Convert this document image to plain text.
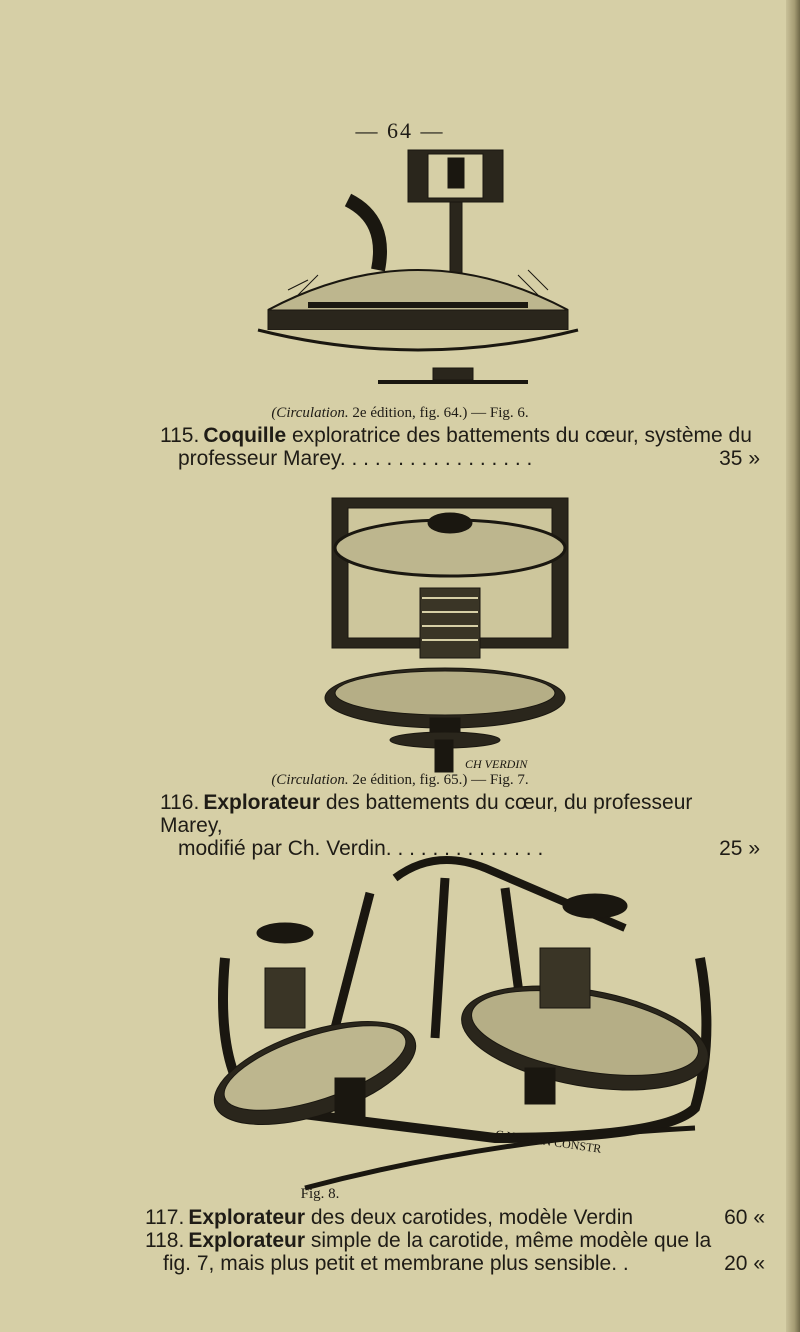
— 64 —
(Circulation. 2e édition, fig. 64.) — Fig. 6.
115. Coquille exploratrice des battements du cœur, système du
professeur Marey. . . . . . . . . . . . . . . . .	35 »
CH VERDIN
(Circulation. 2e édition, fig. 65.) — Fig. 7.
116. Explorateur des battements du cœur, du professeur Marey,
modifié par Ch. Verdin. . . . . . . . . . . . . .	25 »
C.VERDIN CONSTR
Fig. 8.
117. Explorateur des deux carotides, modèle Verdin	60 «
118. Explorateur simple de la carotide, même modèle que la
fig. 7, mais plus petit et membrane plus sensible. .	20 «
